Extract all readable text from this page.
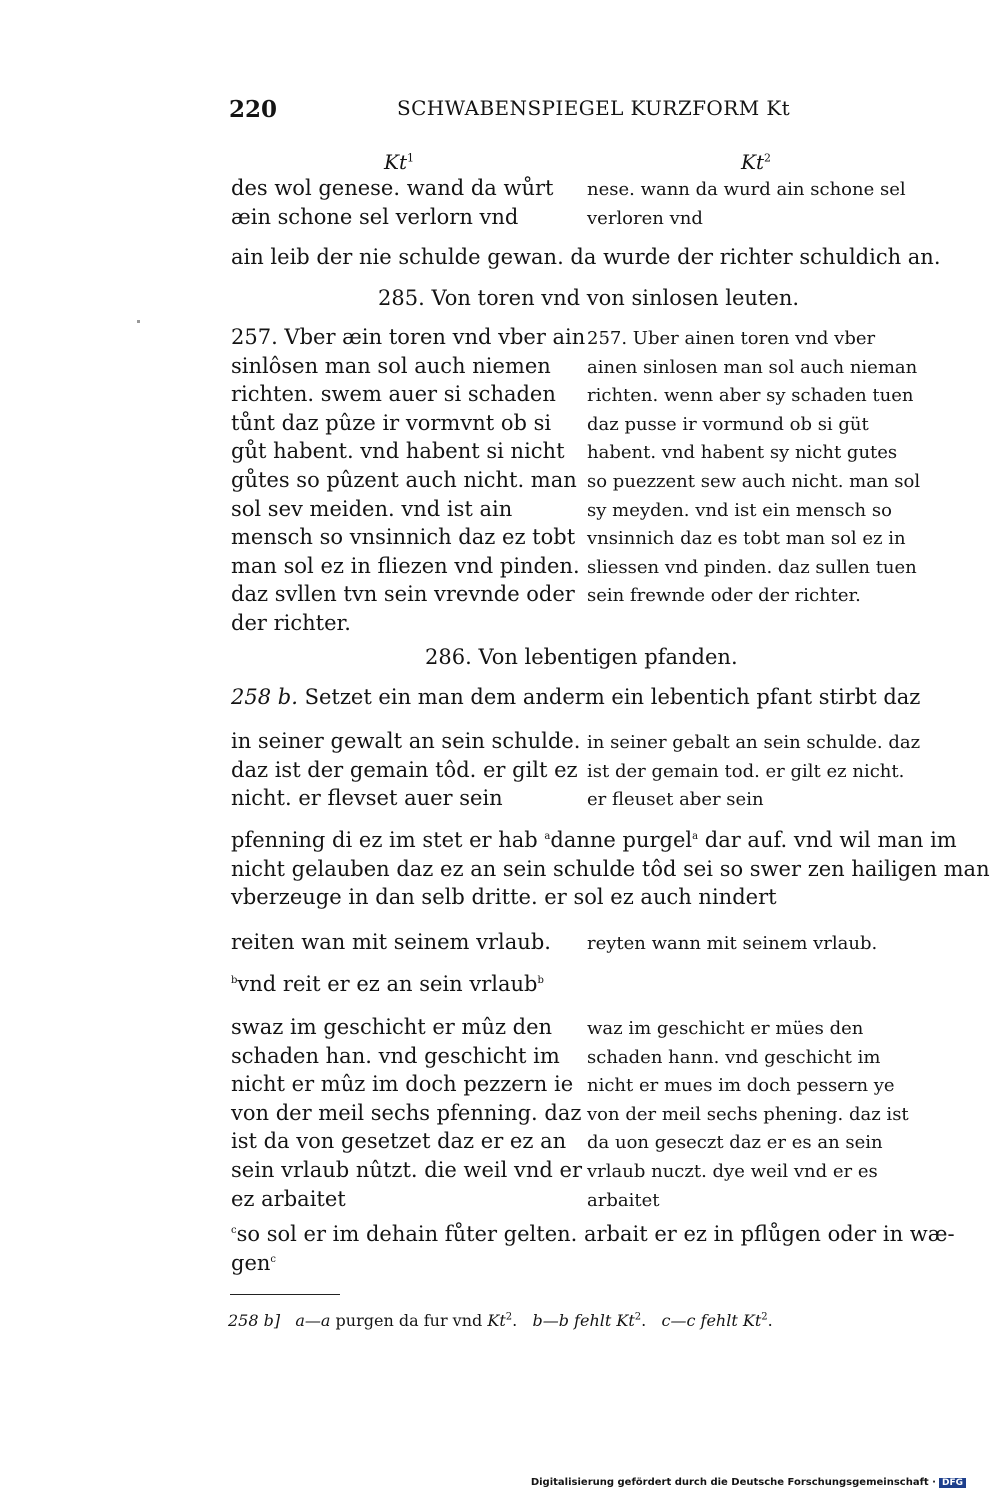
220	SCHWABENSPIEGEL KURZFORM Kt
Kt$^1$	Kt$^2$
des wol genese. wand da wůrt
æin schone sel verlorn vnd
nese. wann da wurd ain schone sel
verloren vnd
ain leib der nie schulde gewan. da wurde der richter schuldich an.
285. Von toren vnd von sinlosen leuten.
257. Vber æin toren vnd vber ain
sinlôsen man sol auch niemen
richten. swem auer si schaden
tůnt daz pûze ir vormvnt ob si
gůt habent. vnd habent si nicht
gůtes so pûzent auch nicht. man
sol sev meiden. vnd ist ain
mensch so vnsinnich daz ez tobt
man sol ez in fliezen vnd pinden.
daz svllen tvn sein vrevnde oder
der richter.
257. Uber ainen toren vnd vber
ainen sinlosen man sol auch nieman
richten. wenn aber sy schaden tuen
daz pusse ir vormund ob si güt
habent. vnd habent sy nicht gutes
so puezzent sew auch nicht. man sol
sy meyden. vnd ist ein mensch so
vnsinnich daz es tobt man sol ez in
sliessen vnd pinden. daz sullen tuen
sein frewnde oder der richter.
286. Von lebentigen pfanden.
258 b. Setzet ein man dem anderm ein lebentich pfant stirbt daz
in seiner gewalt an sein schulde.
daz ist der gemain tôd. er gilt ez
nicht. er flevset auer sein
in seiner gebalt an sein schulde. daz
ist der gemain tod. er gilt ez nicht.
er fleuset aber sein
pfenning di ez im stet er hab $^a$danne purgel$^a$ dar auf. vnd wil man im
nicht gelauben daz ez an sein schulde tôd sei so swer zen hailigen man
vberzeuge in dan selb dritte. er sol ez auch nindert
reiten wan mit seinem vrlaub. reyten wann mit seinem vrlaub.
$^b$vnd reit er ez an sein vrlaub$^b$
swaz im geschicht er mûz den
schaden han. vnd geschicht im
nicht er mûz im doch pezzern ie
von der meil sechs pfenning. daz
ist da von gesetzet daz er ez an
sein vrlaub nûtzt. die weil vnd er
ez arbaitet
waz im geschicht er mües den
schaden hann. vnd geschicht im
nicht er mues im doch pessern ye
von der meil sechs phening. daz ist
da uon geseczt daz er es an sein
vrlaub nuczt. dye weil vnd er es
arbaitet
$^c$so sol er im dehain fůter gelten. arbait er ez in pflůgen oder in wæ-
gen$^c$
258 b] a—a purgen da fur vnd Kt$^2$.   b—b fehlt Kt$^2$.   c—c fehlt Kt$^2$.
Digitalisierung gefördert durch die Deutsche Forschungsgemeinschaft · DFG
